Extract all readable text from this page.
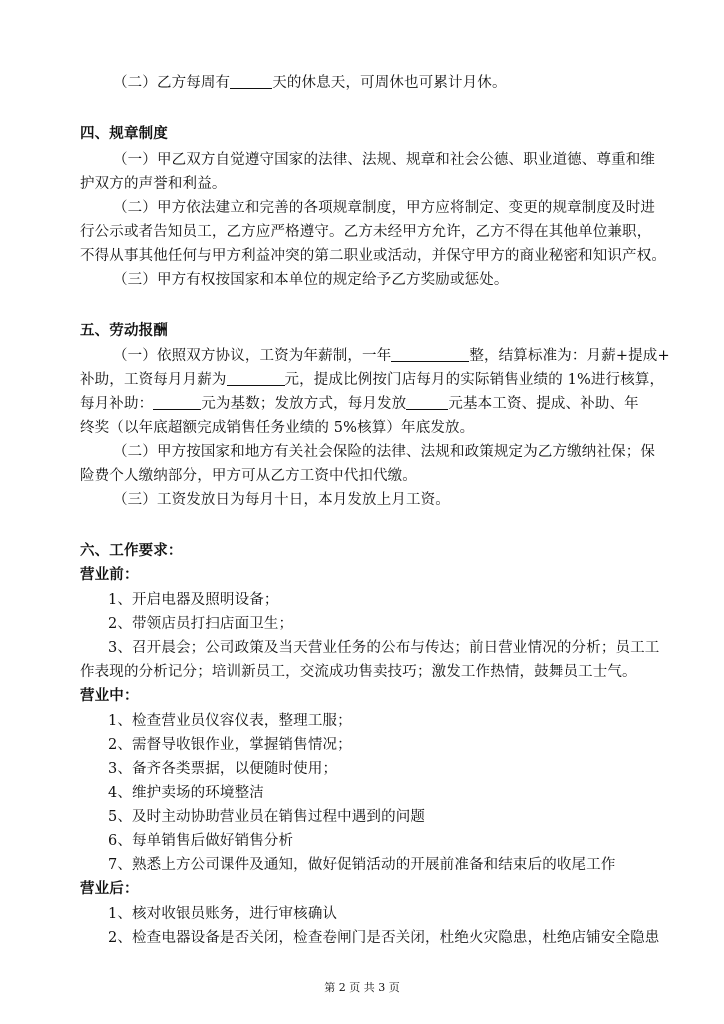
（二）乙方每周有	天的休息天，可周休也可累计月休。
四、规章制度
（一）甲乙双方自觉遵守国家的法律、法规、规章和社会公德、职业道德、尊重和维
护双方的声誉和利益。
（二）甲方依法建立和完善的各项规章制度，甲方应将制定、变更的规章制度及时进
行公示或者告知员工，乙方应严格遵守。乙方未经甲方允许，乙方不得在其他单位兼职，
不得从事其他任何与甲方利益冲突的第二职业或活动，并保守甲方的商业秘密和知识产权。
（三）甲方有权按国家和本单位的规定给予乙方奖励或惩处。
五、劳动报酬
（一）依照双方协议，工资为年薪制，一年	整，结算标准为：月薪+提成+
补助，工资每月月薪为	元，提成比例按门店每月的实际销售业绩的 1%进行核算，
每月补助：	元为基数；发放方式，每月发放	元基本工资、提成、补助、年
终奖（以年底超额完成销售任务业绩的 5%核算）年底发放。
（二）甲方按国家和地方有关社会保险的法律、法规和政策规定为乙方缴纳社保；保
险费个人缴纳部分，甲方可从乙方工资中代扣代缴。
（三）工资发放日为每月十日，本月发放上月工资。
六、工作要求：
营业前：
1、开启电器及照明设备；
2、带领店员打扫店面卫生；
3、召开晨会；公司政策及当天营业任务的公布与传达；前日营业情况的分析；员工工
作表现的分析记分；培训新员工，交流成功售卖技巧；激发工作热情，鼓舞员工士气。
营业中：
1、检查营业员仪容仪表，整理工服；
2、需督导收银作业，掌握销售情况；
3、备齐各类票据，以便随时使用；
4、维护卖场的环境整洁
5、及时主动协助营业员在销售过程中遇到的问题
6、每单销售后做好销售分析
7、熟悉上方公司课件及通知，做好促销活动的开展前准备和结束后的收尾工作
营业后：
1、核对收银员账务，进行审核确认
2、检查电器设备是否关闭，检查卷闸门是否关闭，杜绝火灾隐患，杜绝店铺安全隐患
第 2 页 共 3 页
